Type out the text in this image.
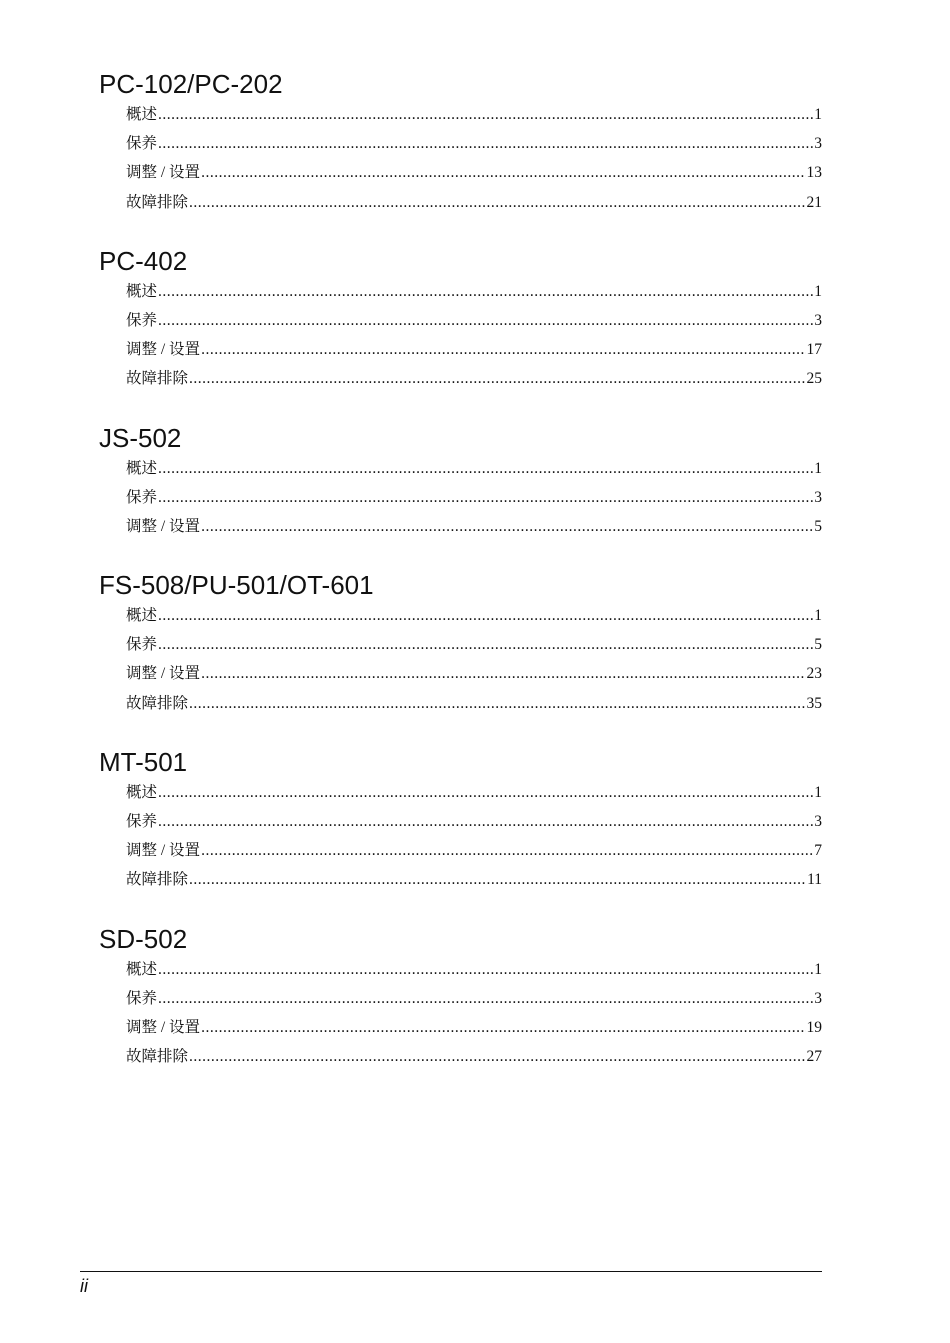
PC-102/PC-202
概述 .....	1
保养 .....	3
调整 / 设置 .....	13
故障排除 .....	21
PC-402
概述 .....	1
保养 .....	3
调整 / 设置 .....	17
故障排除 .....	25
JS-502
概述 .....	1
保养 .....	3
调整 / 设置 .....	5
FS-508/PU-501/OT-601
概述 .....	1
保养 .....	5
调整 / 设置 .....	23
故障排除 .....	35
MT-501
概述 .....	1
保养 .....	3
调整 / 设置 .....	7
故障排除 .....	11
SD-502
概述 .....	1
保养 .....	3
调整 / 设置 .....	19
故障排除 .....	27
ii
